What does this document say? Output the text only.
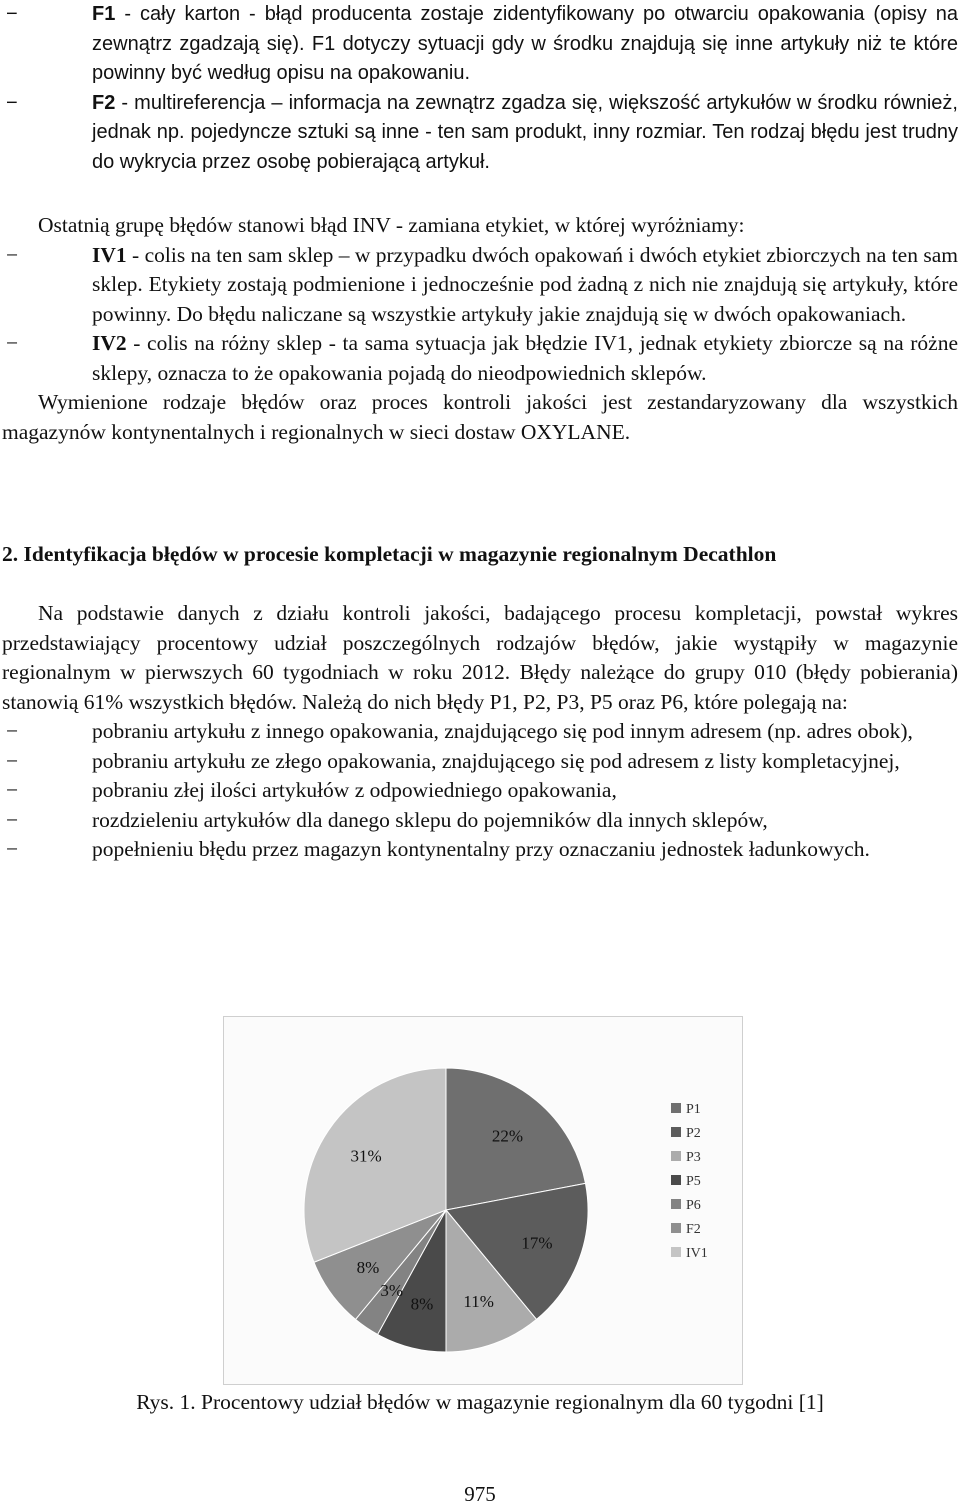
−	F1 - cały karton - błąd producenta zostaje zidentyfikowany po otwarciu opakowania (opisy na zewnątrz zgadzają się). F1 dotyczy sytuacji gdy w środku znajdują się inne artykuły niż te które powinny być według opisu na opakowaniu.
−	F2 - multireferencja – informacja na zewnątrz zgadza się, większość artykułów w środku również, jednak np. pojedyncze sztuki są inne - ten sam produkt, inny rozmiar. Ten rodzaj błędu jest trudny do wykrycia przez osobę pobierającą artykuł.
Ostatnią grupę błędów stanowi błąd INV - zamiana etykiet, w której wyróżniamy:
−	IV1 - colis na ten sam sklep – w przypadku dwóch opakowań i dwóch etykiet zbiorczych na ten sam sklep. Etykiety zostają podmienione i jednocześnie pod żadną z nich nie znajdują się artykuły, które powinny. Do błędu naliczane są wszystkie artykuły jakie znajdują się w dwóch opakowaniach.
−	IV2 - colis na różny sklep - ta sama sytuacja jak błędzie IV1, jednak etykiety zbiorcze są na różne sklepy, oznacza to że opakowania pojadą do nieodpowiednich sklepów.
Wymienione rodzaje błędów oraz proces kontroli jakości jest zestandaryzowany dla wszystkich magazynów kontynentalnych i regionalnych w sieci dostaw OXYLANE.
2. Identyfikacja błędów w procesie kompletacji w magazynie regionalnym Decathlon
Na podstawie danych z działu kontroli jakości, badającego procesu kompletacji, powstał wykres przedstawiający procentowy udział poszczególnych rodzajów błędów, jakie wystąpiły w magazynie regionalnym w pierwszych 60 tygodniach w roku 2012. Błędy należące do grupy 010 (błędy pobierania) stanowią 61% wszystkich błędów. Należą do nich błędy P1, P2, P3, P5 oraz P6, które polegają na:
−	pobraniu artykułu z innego opakowania, znajdującego się pod innym adresem (np. adres obok),
−	pobraniu artykułu ze złego opakowania, znajdującego się pod adresem z listy kompletacyjnej,
−	pobraniu złej ilości artykułów z odpowiedniego opakowania,
−	rozdzieleniu artykułów dla danego sklepu do pojemników dla innych sklepów,
−	popełnieniu błędu przez magazyn kontynentalny przy oznaczaniu jednostek ładunkowych.
22%
17%
11%
8%
3%
8%
31%
P1
P2
P3
P5
P6
F2
IV1
Rys. 1. Procentowy udział błędów w magazynie regionalnym dla 60 tygodni [1]
975
